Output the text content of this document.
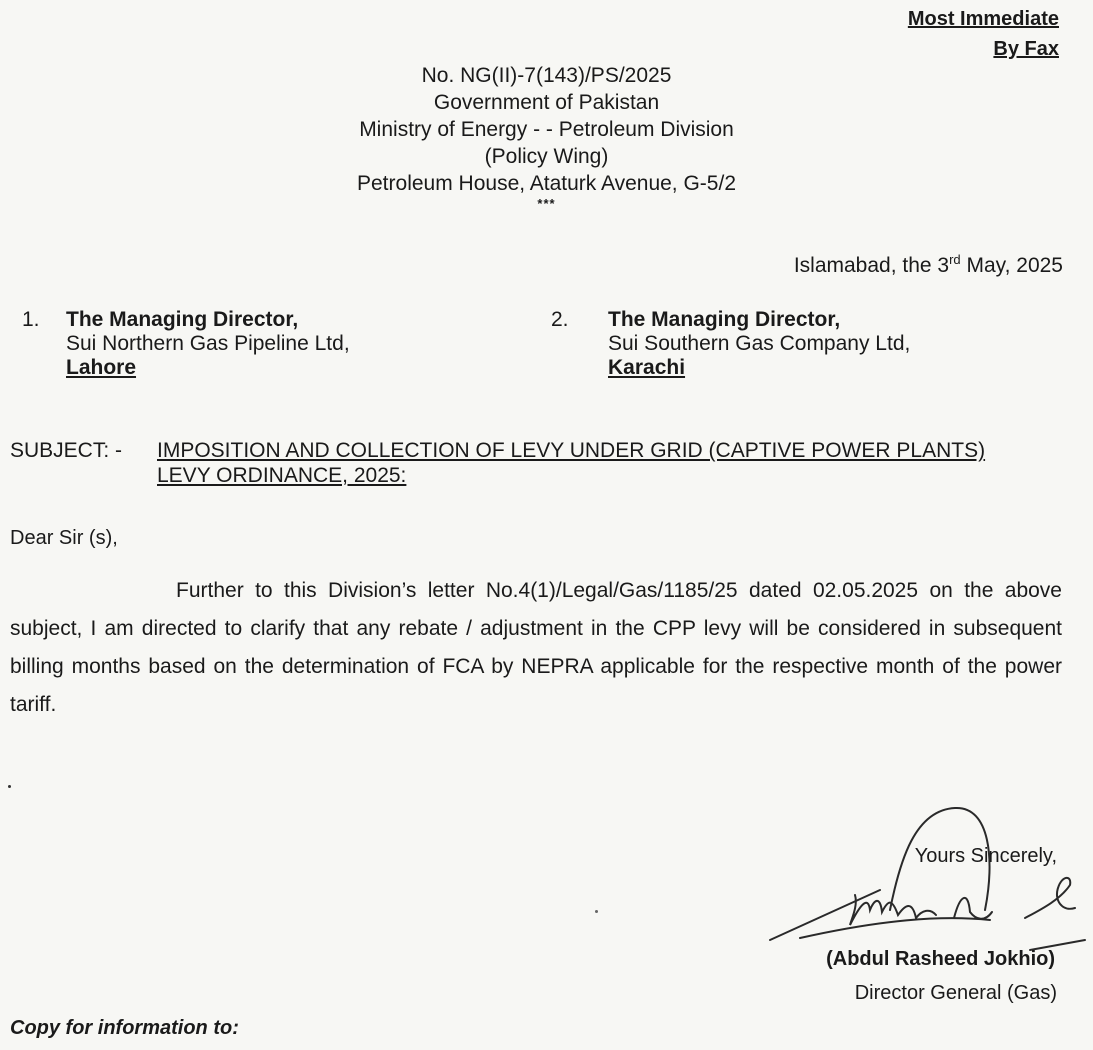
Most Immediate
By Fax
No. NG(II)-7(143)/PS/2025
Government of Pakistan
Ministry of Energy - - Petroleum Division
(Policy Wing)
Petroleum House, Ataturk Avenue, G-5/2
***
Islamabad, the 3rd May, 2025
1. The Managing Director,
Sui Northern Gas Pipeline Ltd,
Lahore
2. The Managing Director,
Sui Southern Gas Company Ltd,
Karachi
SUBJECT: - IMPOSITION AND COLLECTION OF LEVY UNDER GRID (CAPTIVE POWER PLANTS) LEVY ORDINANCE, 2025:
Dear Sir (s),
Further to this Division’s letter No.4(1)/Legal/Gas/1185/25 dated 02.05.2025 on the above subject, I am directed to clarify that any rebate / adjustment in the CPP levy will be considered in subsequent billing months based on the determination of FCA by NEPRA applicable for the respective month of the power tariff.
Yours Sincerely,
(Abdul Rasheed Jokhio)
Director General (Gas)
Copy for information to:
